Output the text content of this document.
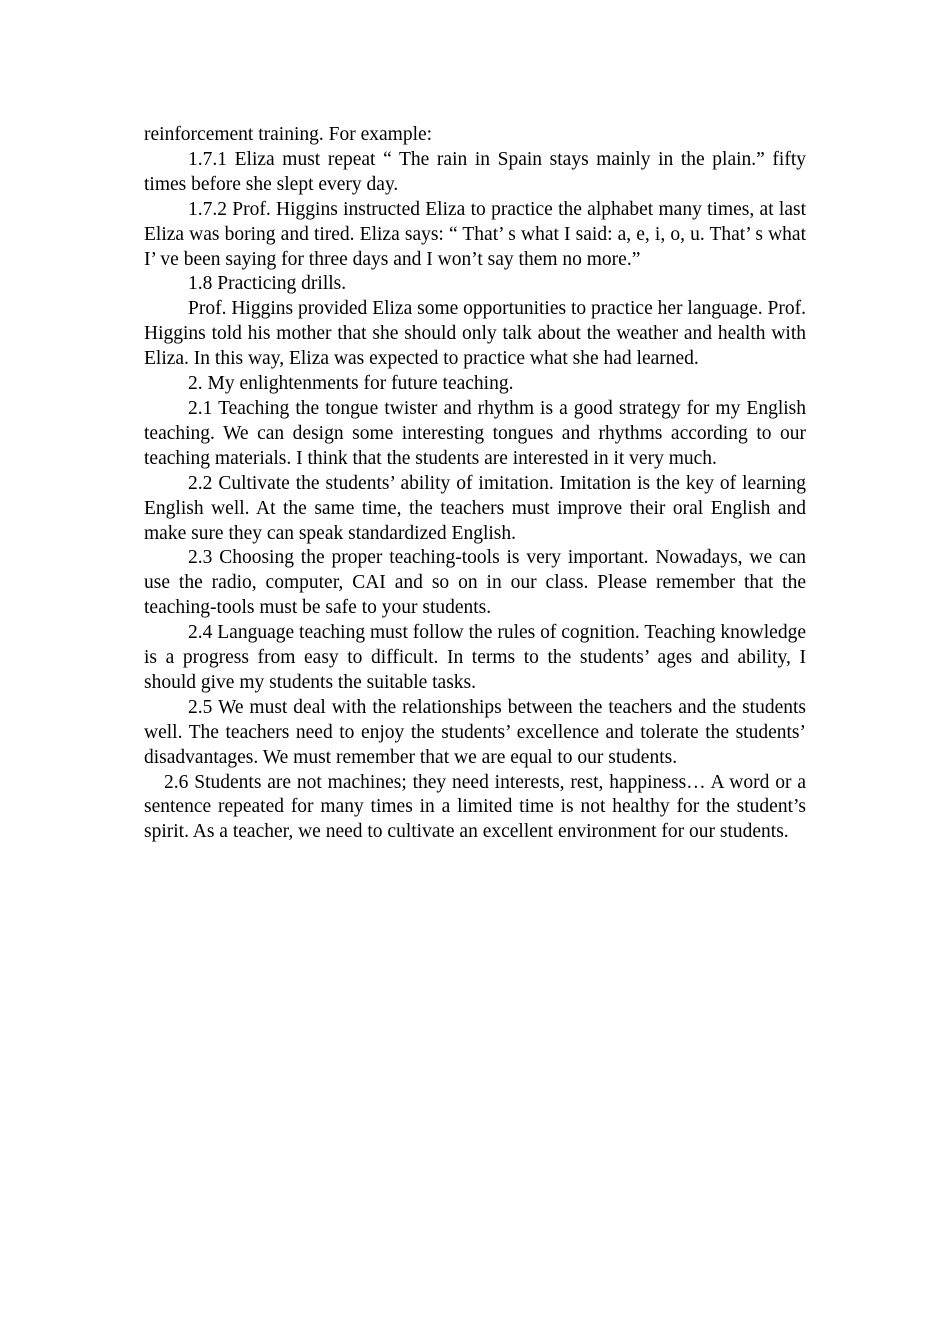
reinforcement training. For example:

1.7.1 Eliza must repeat “ The rain in Spain stays mainly in the plain.” fifty times before she slept every day.

1.7.2 Prof. Higgins instructed Eliza to practice the alphabet many times, at last Eliza was boring and tired. Eliza says: “ That’ s what I said: a, e, i, o, u. That’ s what I’ ve been saying for three days and I won’t say them no more.”

1.8 Practicing drills.

Prof. Higgins provided Eliza some opportunities to practice her language. Prof. Higgins told his mother that she should only talk about the weather and health with Eliza. In this way, Eliza was expected to practice what she had learned.

2. My enlightenments for future teaching.

2.1 Teaching the tongue twister and rhythm is a good strategy for my English teaching. We can design some interesting tongues and rhythms according to our teaching materials. I think that the students are interested in it very much.

2.2 Cultivate the students’ ability of imitation. Imitation is the key of learning English well. At the same time, the teachers must improve their oral English and make sure they can speak standardized English.

2.3 Choosing the proper teaching-tools is very important. Nowadays, we can use the radio, computer, CAI and so on in our class. Please remember that the teaching-tools must be safe to your students.

2.4 Language teaching must follow the rules of cognition. Teaching knowledge is a progress from easy to difficult. In terms to the students’ ages and ability, I should give my students the suitable tasks.

2.5 We must deal with the relationships between the teachers and the students well. The teachers need to enjoy the students’ excellence and tolerate the students’ disadvantages. We must remember that we are equal to our students.

2.6 Students are not machines; they need interests, rest, happiness… A word or a sentence repeated for many times in a limited time is not healthy for the student’s spirit. As a teacher, we need to cultivate an excellent environment for our students.
